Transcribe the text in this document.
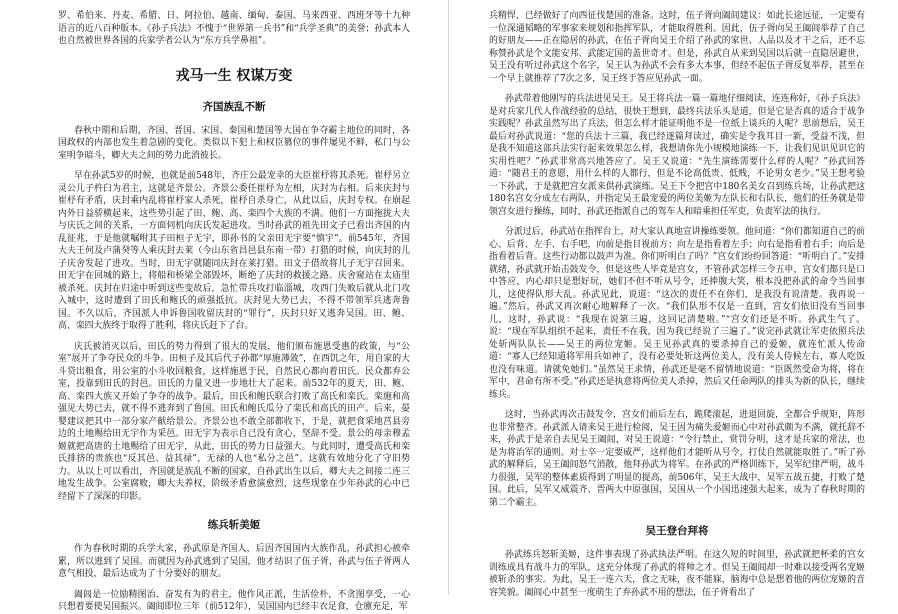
罗、希伯来、丹麦、希腊、日、阿拉伯、越南、缅甸、泰国、马来西亚、西班牙等十九种语言的近八百种版本。《孙子兵法》不愧于“世界第一兵书”和“兵学圣典”的美誉；孙武本人也自然被世界各国的兵家学者公认为“东方兵学鼻祖”。

戎马一生 权谋万变
齐国族乱不断

春秋中期和后期，齐国、晋国、宋国、秦国和楚国等大国在争夺霸主地位的同时，各国政权的内部也发生着急剧的变化。类似以下犯上和权臣篡位的事件屡见不鲜，私门与公室明争暗斗，卿大夫之间的势力此消彼长。

早在孙武5岁的时候，也就是前548年，齐庄公最宠幸的大臣崔杼将其杀死。崔杼另立灵公儿子杵臼为君主，这就是齐景公。齐景公委任崔杼为左相，庆封为右相。后来庆封与崔杼有矛盾，庆封乘内乱将崔杼家人杀死，崔杼自杀身亡，从此以后，庆封专权。在崩起内外日益骄横起来，这些势引起了田、鲍、高、栾四个大族的不满。他们一方面拖拢大夫与庆氏之间的关系，一方面伺机向庆氏发起进攻。当时孙武的祖先田文子已看出齐国的内乱征兆，于是他就嘱咐其子田桓子无宇，即孙书的父亲田无宇要“慎宇”。前545年，齐国大夫王何及卢蒲癸等人乘庆封去莱（今山东省昌邑县东南一带）打猎的时候，向庆封的儿子庆舍发起了进攻。当时，田无宇就随同庆封在莱打猎。田文子借故将儿子无宇召回来。田无宇在回城的路上，将船和桥梁全部毁坏，断绝了庆封的救援之路。庆舍窥站在太庙里被杀死。庆封在归途中听到这些变故后，急忙带兵攻打临淄城，攻西门失败后就从北门攻入城中，这时遭到了田氏和鲍氏的顽强抵抗。庆封见大势已去，不得不带领军兵逃奔鲁国。不久以后，齐国派人申诉鲁国收留庆封的“罪行”，庆封只好又逃奔吴国。田、鲍、高、栾四大族终于取得了胜利，将庆氏赶下了台。

庆氏被消灭以后，田氏的势力得到了很大的发展，他们颁布施恩受惠的政策，与“公室”展开了争夺民众的斗争。田桓子及其后代子孙都“厚施薄敛”，在西饥之年，用自家的大斗贷出粮食，用公室的小斗收回粮食，这样施恩于民，自然民心都向着田氏。民众都弃公室，投靠到田氏的封邑。田氏的力量又进一步地壮大了起来。前532年的夏天，田、鲍、高、栾四大族又开始了争夺的战争。最后，田氏和鲍氏联合打败了高氏和栾氏。栾施和高强见大势已去，就不得不逃奔到了鲁国。田氏和鲍氏瓜分了栾氏和高氏的田产。后来，晏婴建议把其中一部分家产献给景公。齐景公也不敢全部都收下，于是，就把食采地莒县旁边的土地赐给田无宇作为采邑。田无宇为表示自己没有贪心，坚辞不受。景公的母亲穆孟姬就把高唐的土地赐给了田无宇，从此，田氏的势力日益强大。与此同时，遭受高氏和栾氏排挤的贵族也“反其邑、益其禄”，无禄的人也“私分之邑”，这就有效地分化了守旧势力。从以上可以看出，齐国就是族乱不断的国家，自孙武出生以后，卿大夫之间接二连三地发生战争。公室腐败，卿大夫养权，阶级矛盾愈演愈烈，这些现象在少年孙武的心中已经留下了深深的印影。

练兵斩美姬

作为春秋时期的兵学大家，孙武原是齐国人，后因齐国国内大族作乱，孙武担心被牵累，所以逃到了吴国。而就因为孙武逃到了吴国，他才结识了伍子胥，孙武与伍子胥两人意气相投，最后达成为了十分要好的朋友。

阖闾是一位励精图治、奋发有为的君主，他作风正派，生活俭朴，不贪图享受，一心只想着要使吴国振兴。阖闾即位三年（前512年），吴国国内已经丰衣足食，仓廪充足，军

兵精悍，已经做好了向西征伐楚国的准备。这时，伍子胥向阖闾建议：如此长途远征，一定要有一位深通韬略的军事家来规划和指挥军队，才能取得胜利。因此，伍子胥向吴王阖闾举荐了自己的好朋友——正在隐居的孙武，在伍子胥向吴王介绍了孙武的家世、人品以及才干之后，还不忘称赞孙武是个文能安邦、武能定国的盖世奇才。但是，孙武自从来到吴国以后就一直隐居避世，吴王没有听过孙武这个名字，吴王认为孙武不会有多大本事，但经不起伍子胥反复举荐，甚至在一个早上就推荐了7次之多，吴王终于答应见孙武一面。

孙武带着他刚写的兵法进见吴王。吴王将兵法一篇一篇地仔细阅读，连连称好，《孙子兵法》是对兵家几代人作战经验的总结，很快王想到，最终兵法乐头是道，但是它是否真的适合于战争实践呢？孙武虽然写出了兵法，但怎么样才能证明他不是一位纸上谈兵的人呢？思前想后，吴王最后对孙武说道：“您的兵法十三篇，我已经逐篇拜读过，确实是令我耳目一新，受益不浅，但是我不知道这部兵法实行起来效果怎么样，我想请你先小规模地演练一下，让我们见识见识它的实用性吧？”孙武非常高兴地答应了。吴王又说道：“先生演练需要什么样的人呢？”孙武回答道：“随君王的意愿，用什么样的人都行，但是不论高低贵、低贱，不论男女老少。”吴王想考验一下孙武，于是就把宫女派来供孙武演练。吴王下令把宫中180名美女召到练兵场，让孙武把这180名宫女分成左右两队，并指定吴王最宠爱的两位美姬为左队长和右队长，他们的任务就是带领宫女进行操练，同时，孙武还指派自己的驾车人和暗乘担任军吏，负责军法的执行。

分派过后，孙武站在指挥台上，对大家认真地宣讲操练要领。他问道：“你们都知道自己的前心、后背、左手、右手吧，向前是指目视前方；向左是指看着左手；向右是指看着右手；向后是指看着后背。这些行动都以鼓声为准。你们听明白了吗？”宫女们纷纷回答道：“听明白了。”安排就绪，孙武就开始击鼓发令，但是这些人毕竟是宫女，不管孙武怎样三令五申，宫女们都只是口中答应，内心却只是想好玩，她们不但不听从号令，还捧腹大笑，根本没把孙武的命令当回事儿，这使得队形大乱。孙武见此，说道：“这次的责任不在你们，是我没有说清楚。我再说一遍。”然后，孙武又再次耐心地解释了一次。“我们队形不仅是一直到，宫女们依旧没有当回事儿，这时，孙武说：“我现在说第三遍，这回记清楚啦。”“宫女们还是不听。孙武生气了。说：“现在军队组织不起来，责任不在我，因为我已经说了三遍了。”说完孙武就让军吏依照兵法处斩两队队长——吴王的两位宠姬。吴王见孙武真的要杀掉自己的爱姬，就连忙派人传命道：“寡人已经知道将军用兵如神了，没有必要处斩这两位美人，没有美人侍候左右，寡人吃饭也没有味道。请就免她们。”虽然吴王求情，孙武还是毫不留情地说道：“臣既然受命为将，将在军中，君命有所不受。”孙武还是执意将两位美人杀掉，然后又任命两队的排头为新的队长，继续练兵。

这时，当孙武再次击鼓发令，宫女们前后左右，跪爬滚起，进退回旋，全都合乎规矩，阵形也非常整齐。孙武派人请来吴王进行检阅，吴王因为痛失爱姬而心中对孙武颇为不满，就托辞不来，孙武于是亲自去见吴王阖闾，对吴王说道：“令行禁止，赏罚分明，这才是兵家的常法，也是为将治军的通则。对士卒一定要威严，这样他们才能听从号令，打仗自然就能取胜了。”听了孙武的解释后，吴王阖闾怒气消散，他拜孙武为将军。在孙武的严格训练下，吴军纪律严明，战斗力很强，吴军的整体素质得到了明显的提高，前506年，吴王大战中，吴军五战五捷，打败了楚国。此后，吴军又威震齐、晋两大中原强国，吴国从一个小国迅速强大起来，成为了春秋时期的第二个霸主。

吴王登台拜将

孙武练兵怒斩美姬，这件事表现了孙武执法严明。在这久短的时间里，孙武就把杯柔的宫女训练成具有战斗力的军队，这充分体现了孙武的将帅之才。但吴王阖闾却一时难以接受两名宠姬被斩杀的事实。为此，吴王一连六天，食之无味，夜不能寐，脑海中总是想着他的两位宠姬的音容笑貌。阖闾心中甚至一度萌生了弃孙武不用的想法，伍子胥看出了
